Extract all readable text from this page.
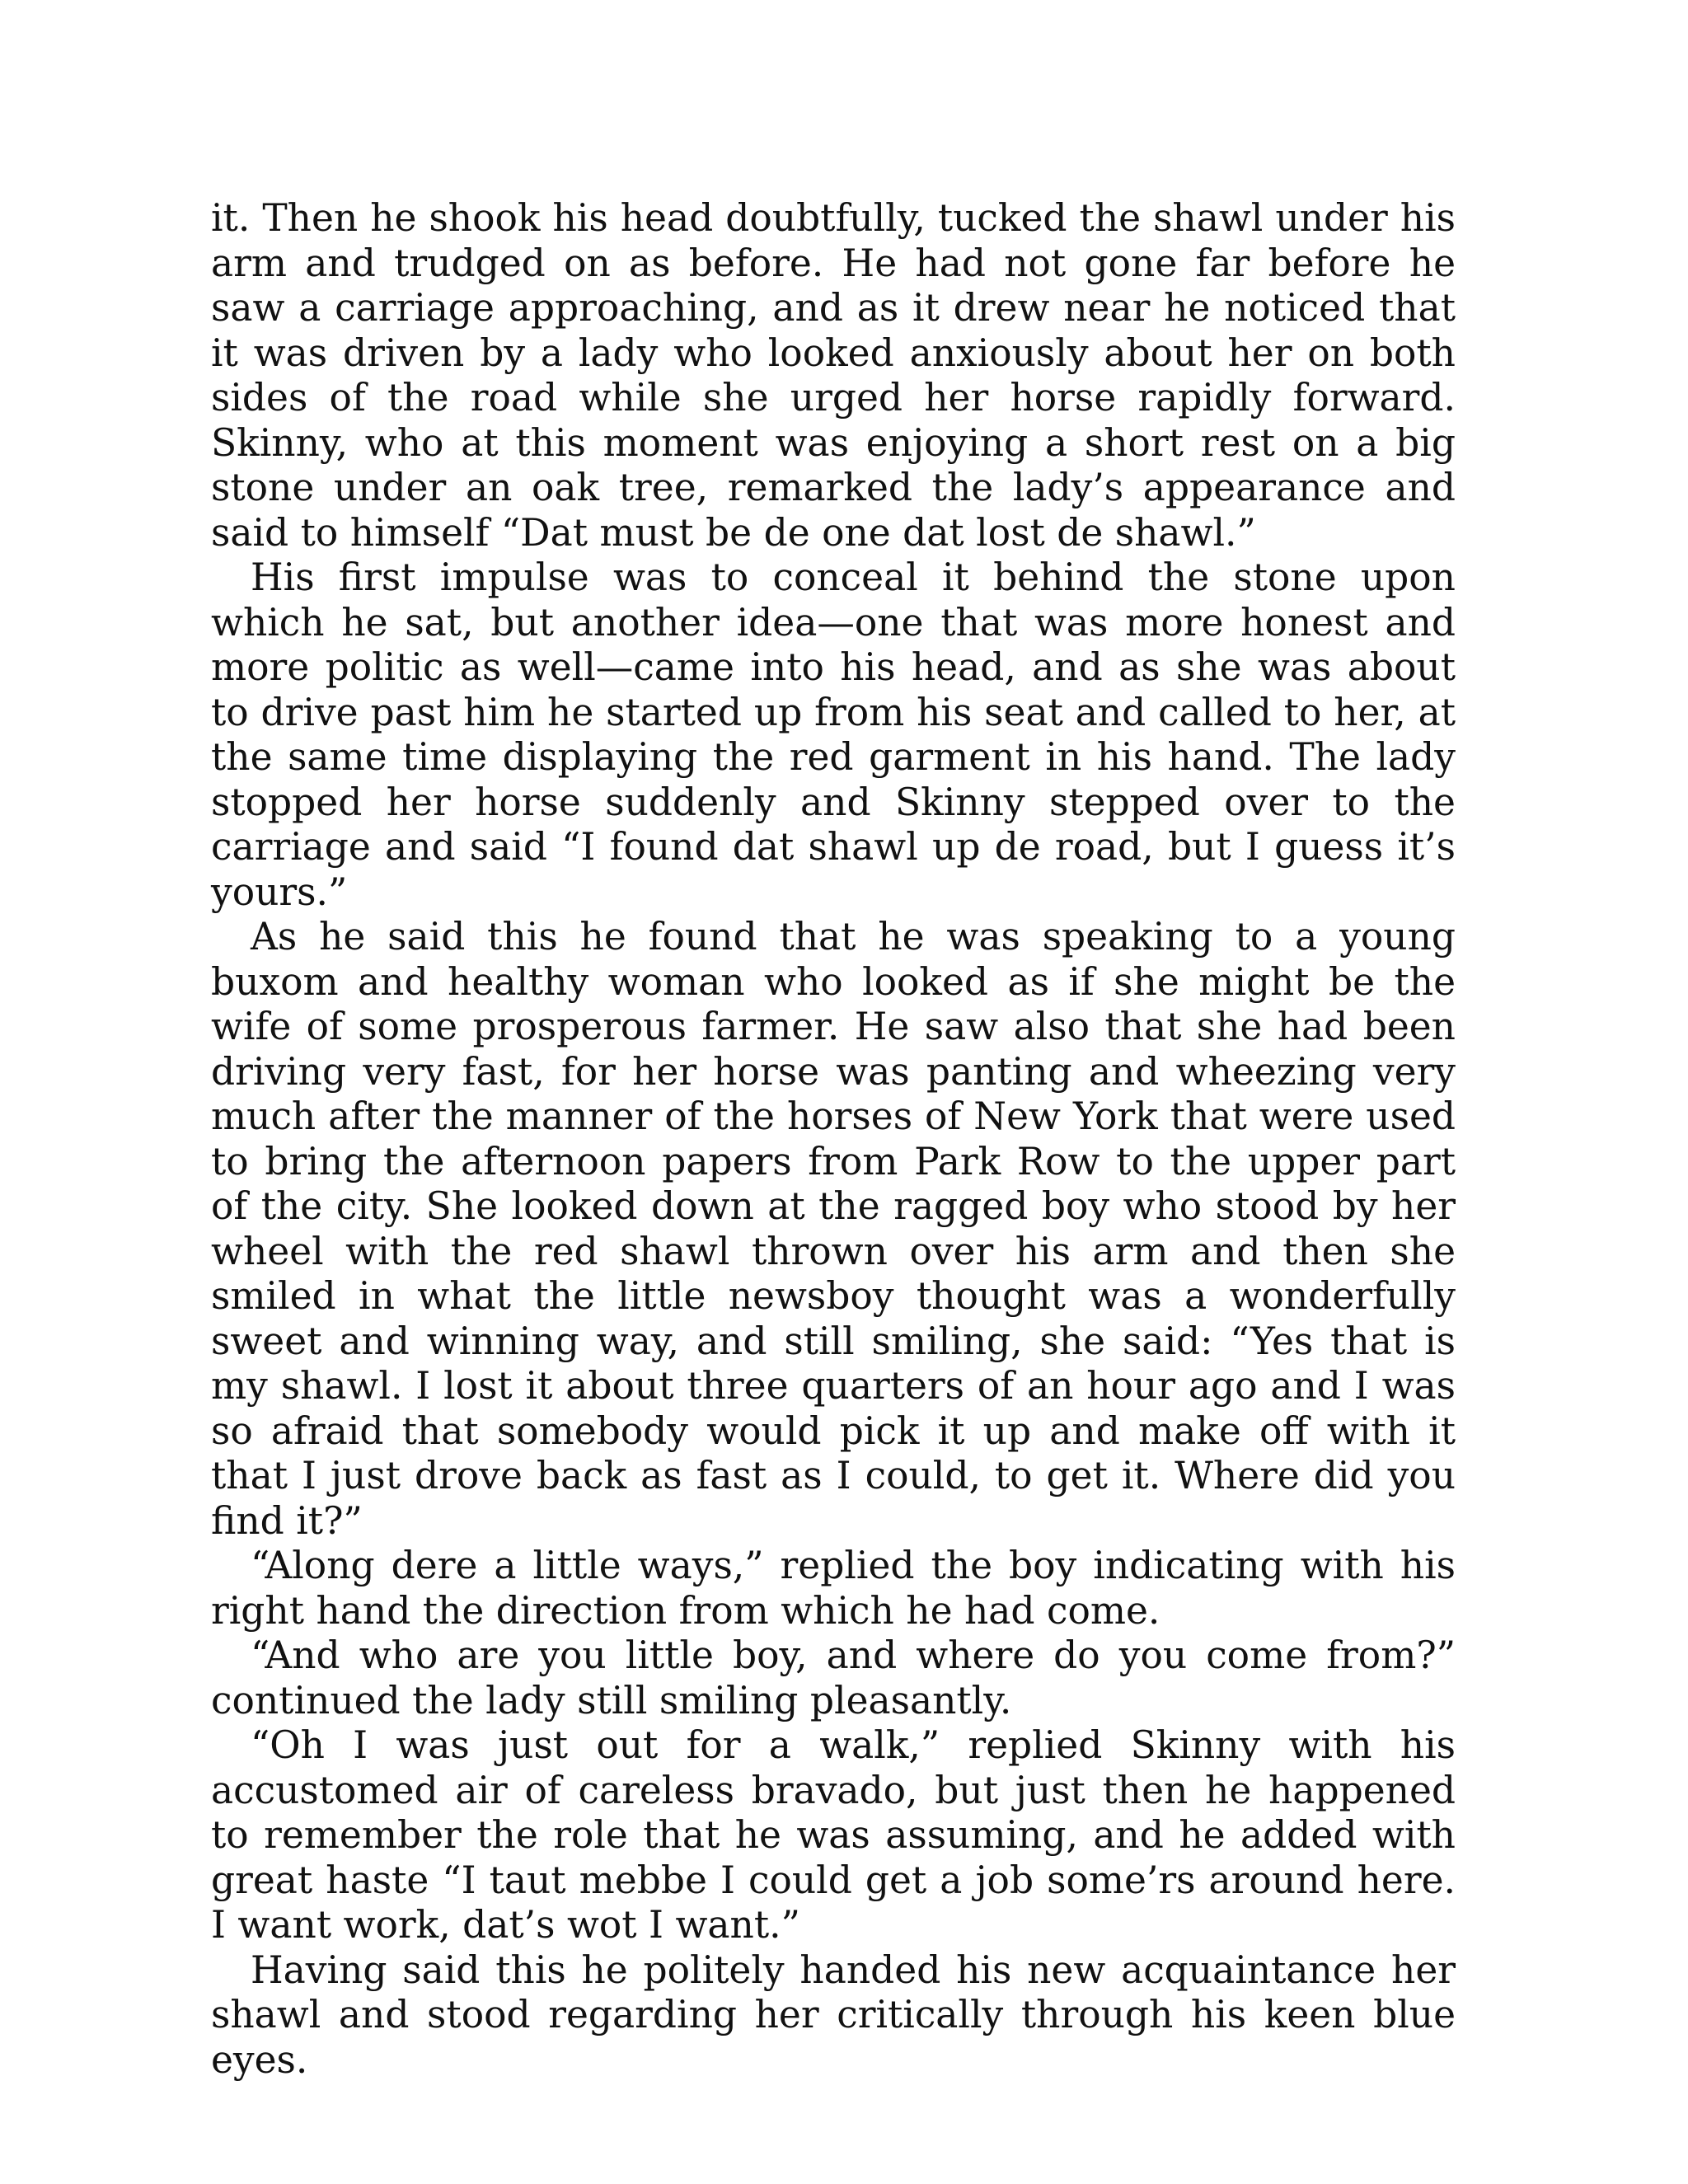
it. Then he shook his head doubtfully, tucked the shawl under his arm and trudged on as before. He had not gone far before he saw a carriage approaching, and as it drew near he noticed that it was driven by a lady who looked anxiously about her on both sides of the road while she urged her horse rapidly forward. Skinny, who at this moment was enjoying a short rest on a big stone under an oak tree, remarked the lady’s appearance and said to himself “Dat must be de one dat lost de shawl.”

His first impulse was to conceal it behind the stone upon which he sat, but another idea—one that was more honest and more politic as well—came into his head, and as she was about to drive past him he started up from his seat and called to her, at the same time displaying the red garment in his hand. The lady stopped her horse suddenly and Skinny stepped over to the carriage and said “I found dat shawl up de road, but I guess it’s yours.”

As he said this he found that he was speaking to a young buxom and healthy woman who looked as if she might be the wife of some prosperous farmer. He saw also that she had been driving very fast, for her horse was panting and wheezing very much after the manner of the horses of New York that were used to bring the afternoon papers from Park Row to the upper part of the city. She looked down at the ragged boy who stood by her wheel with the red shawl thrown over his arm and then she smiled in what the little newsboy thought was a wonderfully sweet and winning way, and still smiling, she said: “Yes that is my shawl. I lost it about three quarters of an hour ago and I was so afraid that somebody would pick it up and make off with it that I just drove back as fast as I could, to get it. Where did you find it?”

“Along dere a little ways,” replied the boy indicating with his right hand the direction from which he had come.

“And who are you little boy, and where do you come from?” continued the lady still smiling pleasantly.

“Oh I was just out for a walk,” replied Skinny with his accustomed air of careless bravado, but just then he happened to remember the role that he was assuming, and he added with great haste “I taut mebbe I could get a job some’rs around here. I want work, dat’s wot I want.”

Having said this he politely handed his new acquaintance her shawl and stood regarding her critically through his keen blue eyes.
